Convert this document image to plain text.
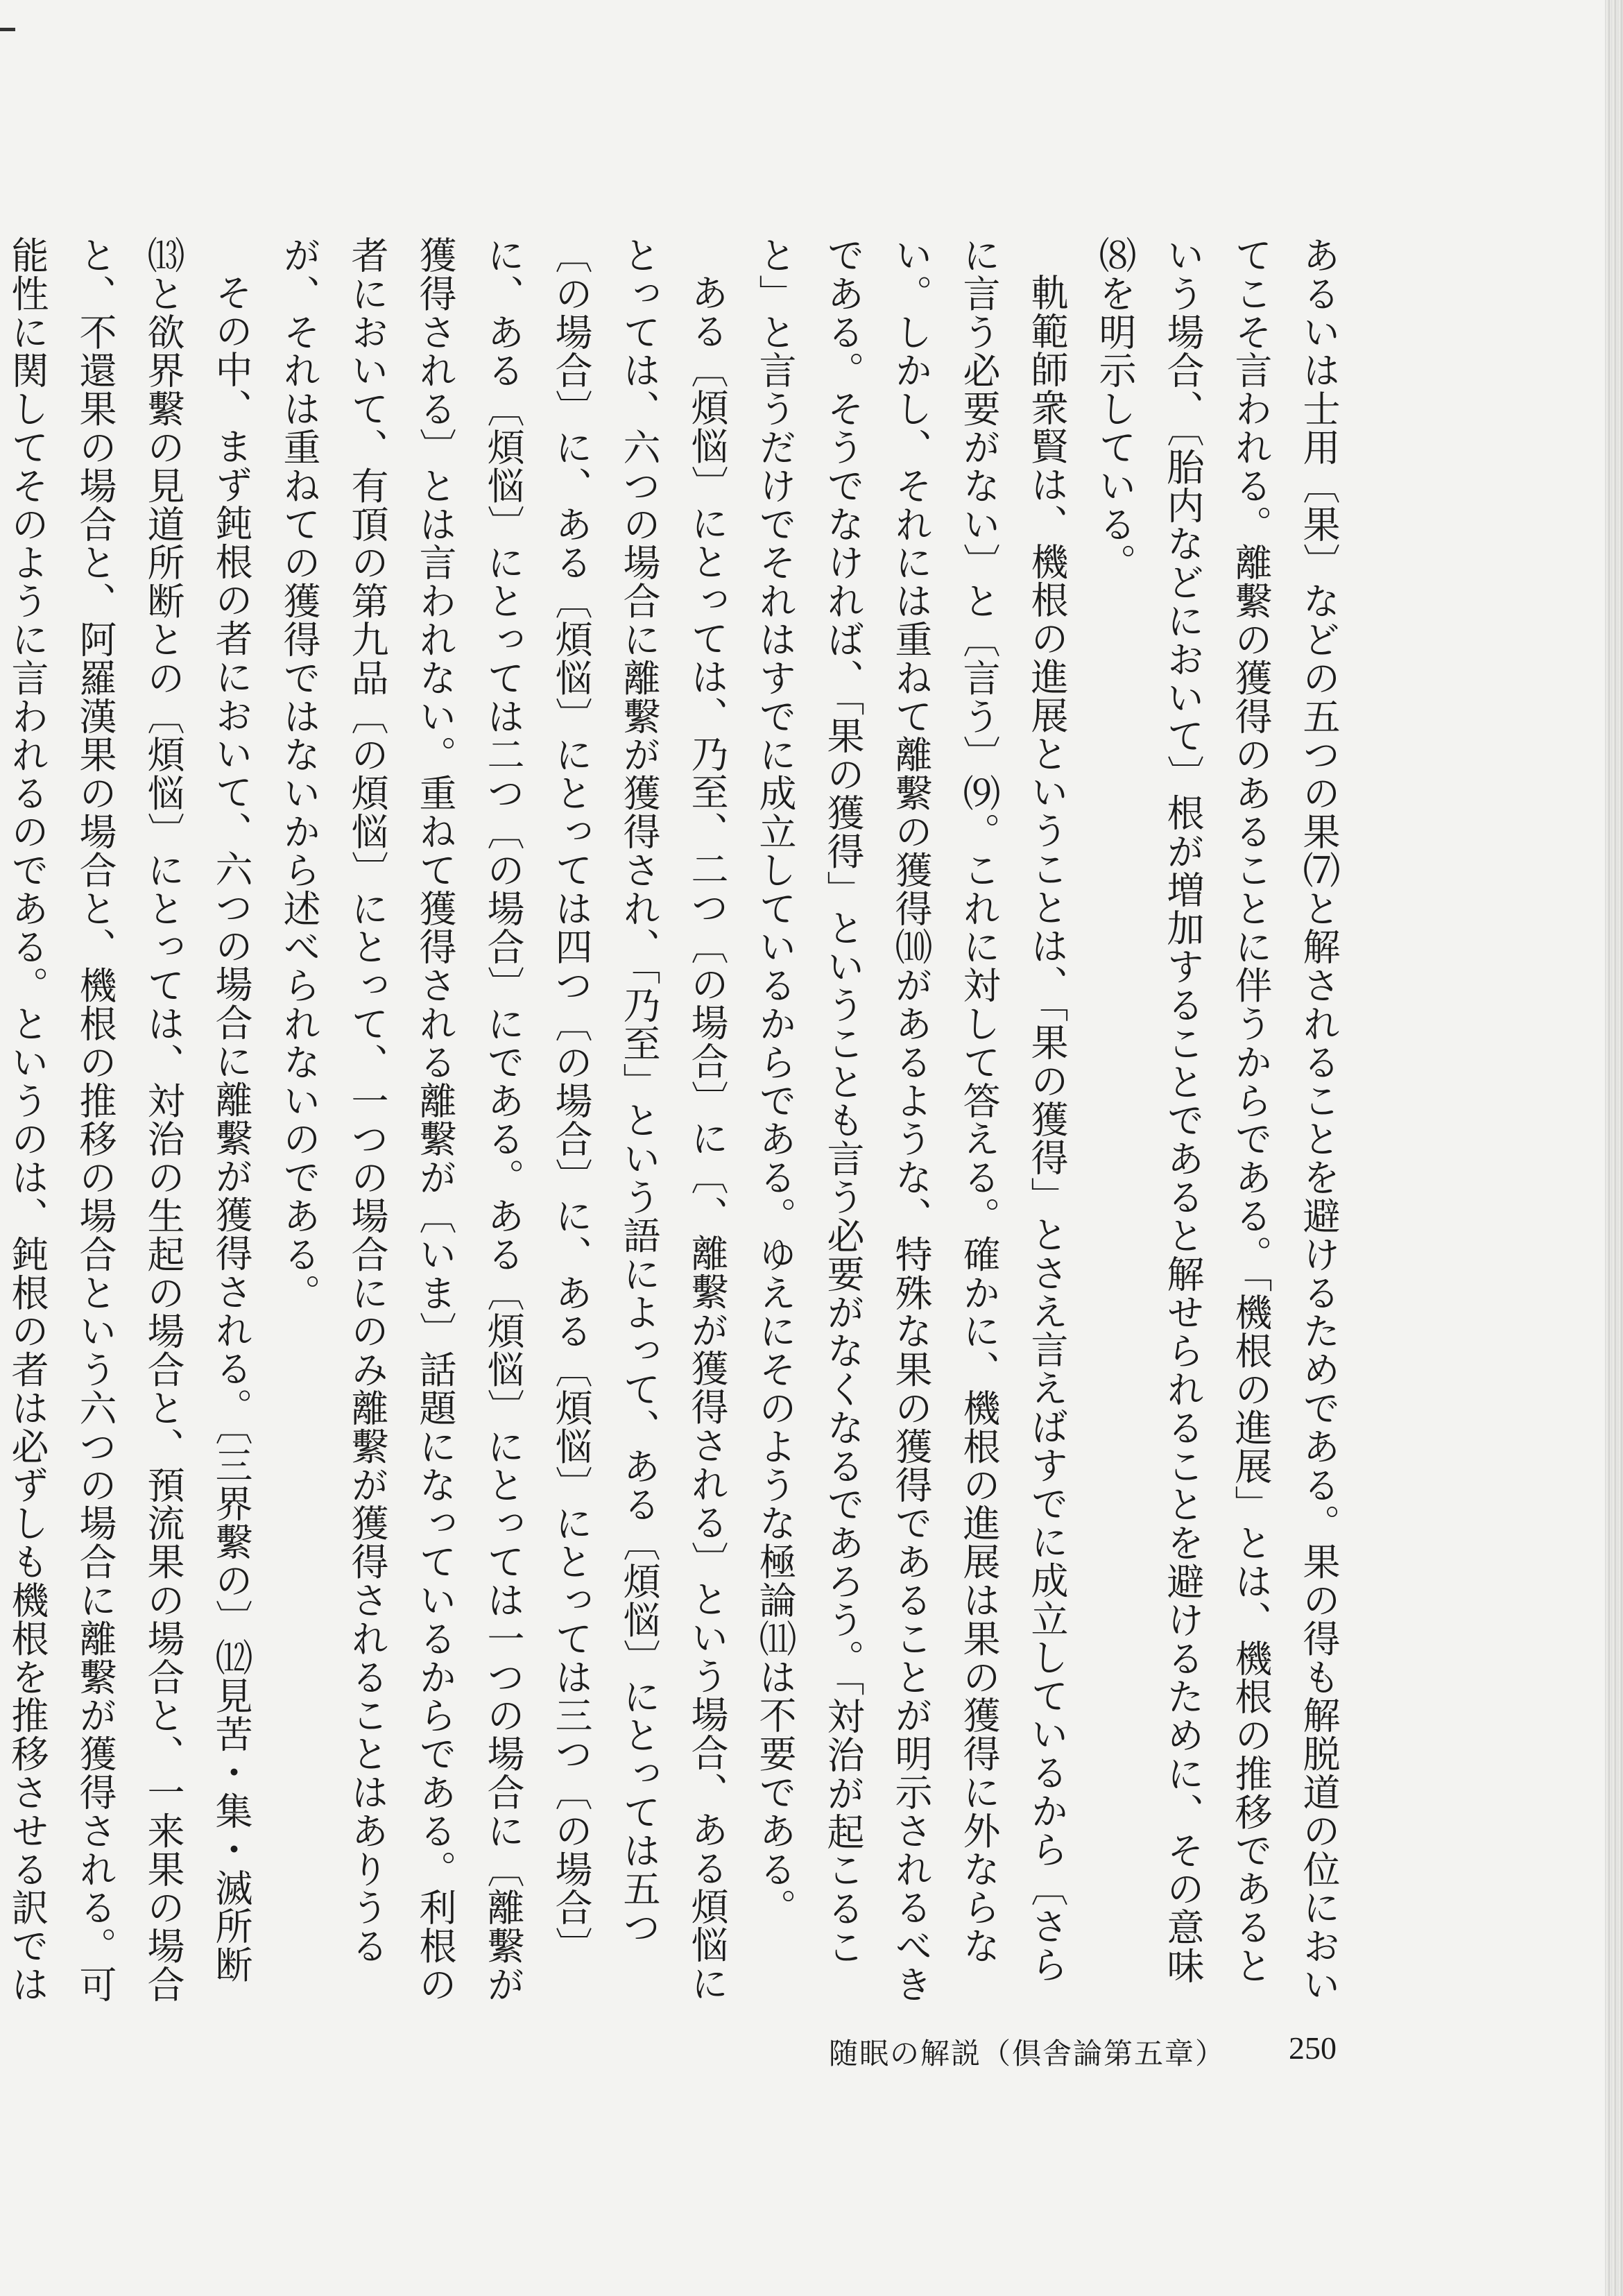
あるいは士用〔果〕などの五つの果⑺と解されることを避けるためである。果の得も解脱道の位においてこそ言われる。離繫の獲得のあることに伴うからである。「機根の進展」とは、機根の推移であるという場合、〔胎内などにおいて〕根が増加することであると解せられることを避けるために、その意味⑻を明示している。

軌範師衆賢は、機根の進展ということは、「果の獲得」とさえ言えばすでに成立しているから〔さらに言う必要がない〕と〔言う〕⑼。これに対して答える。確かに、機根の進展は果の獲得に外ならない。しかし、それには重ねて離繫の獲得⑽があるような、特殊な果の獲得であることが明示されるべきである。そうでなければ、「果の獲得」ということも言う必要がなくなるであろう。「対治が起こること」と言うだけでそれはすでに成立しているからである。ゆえにそのような極論⑾は不要である。

ある〔煩悩〕にとっては、乃至、二つ〔の場合〕に〔、離繫が獲得される〕という場合、ある煩悩にとっては、六つの場合に離繫が獲得され、「乃至」という語によって、ある〔煩悩〕にとっては五つ〔の場合〕に、ある〔煩悩〕にとっては四つ〔の場合〕に、ある〔煩悩〕にとっては三つ〔の場合〕に、ある〔煩悩〕にとっては二つ〔の場合〕にである。ある〔煩悩〕にとっては一つの場合に〔離繫が獲得される〕とは言われない。重ねて獲得される離繫が〔いま〕話題になっているからである。利根の者において、有頂の第九品〔の煩悩〕にとって、一つの場合にのみ離繫が獲得されることはありうるが、それは重ねての獲得ではないから述べられないのである。

その中、まず鈍根の者において、六つの場合に離繫が獲得される。〔三界繫の〕⑿見苦・集・滅所断⒀と欲界繫の見道所断との〔煩悩〕にとっては、対治の生起の場合と、預流果の場合と、一来果の場合と、不還果の場合と、阿羅漢果の場合と、機根の推移の場合という六つの場合に離繫が獲得される。可能性に関してそのように言われるのである。というのは、鈍根の者は必ずしも機根を推移させる訳では

随眠の解説（倶舎論第五章） 250
